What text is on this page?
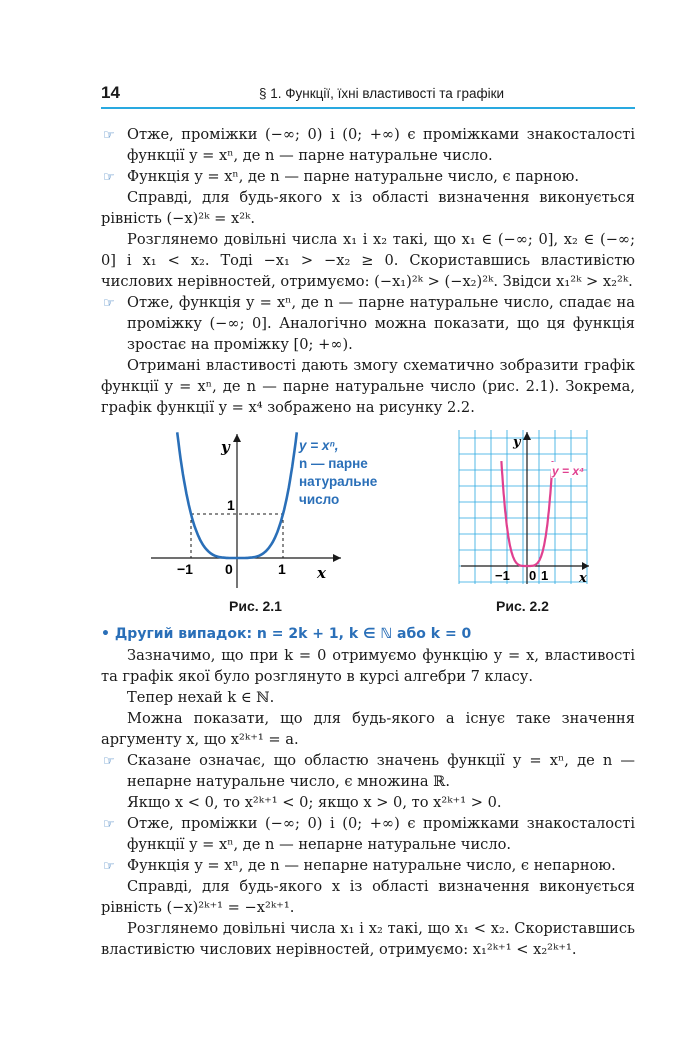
14	§ 1. Функції, їхні властивості та графіки

☞ Отже, проміжки (−∞; 0) і (0; +∞) є проміжками знакосталості функції y = xⁿ, де n — парне натуральне число.

☞ Функція y = xⁿ, де n — парне натуральне число, є парною.

Справді, для будь-якого x із області визначення виконується рівність (−x)²ᵏ = x²ᵏ.

Розглянемо довільні числа x₁ і x₂ такі, що x₁ ∈ (−∞; 0], x₂ ∈ (−∞; 0] і x₁ < x₂. Тоді −x₁ > −x₂ ≥ 0. Скориставшись властивістю числових нерівностей, отримуємо: (−x₁)²ᵏ > (−x₂)²ᵏ. Звідси x₁²ᵏ > x₂²ᵏ.

☞ Отже, функція y = xⁿ, де n — парне натуральне число, спадає на проміжку (−∞; 0]. Аналогічно можна показати, що ця функція зростає на проміжку [0; +∞).

Отримані властивості дають змогу схематично зобразити графік функції y = xⁿ, де n — парне натуральне число (рис. 2.1). Зокрема, графік функції y = x⁴ зображено на рисунку 2.2.

y
x
−1 0	1
1
y = xⁿ,
n — парне
натуральне
число
y
x
−1 0 1
y = x⁴
Рис. 2.1	Рис. 2.2

• Другий випадок: n = 2k + 1, k ∈ ℕ або k = 0

Зазначимо, що при k = 0 отримуємо функцію y = x, властивості та графік якої було розглянуто в курсі алгебри 7 класу.

Тепер нехай k ∈ ℕ.

Можна показати, що для будь-якого a існує таке значення аргументу x, що x²ᵏ⁺¹ = a.

☞ Сказане означає, що областю значень функції y = xⁿ, де n — непарне натуральне число, є множина ℝ.

Якщо x < 0, то x²ᵏ⁺¹ < 0; якщо x > 0, то x²ᵏ⁺¹ > 0.

☞ Отже, проміжки (−∞; 0) і (0; +∞) є проміжками знакосталості функції y = xⁿ, де n — непарне натуральне число.

☞ Функція y = xⁿ, де n — непарне натуральне число, є непарною.

Справді, для будь-якого x із області визначення виконується рівність (−x)²ᵏ⁺¹ = −x²ᵏ⁺¹.

Розглянемо довільні числа x₁ і x₂ такі, що x₁ < x₂. Скориставшись властивістю числових нерівностей, отримуємо: x₁²ᵏ⁺¹ < x₂²ᵏ⁺¹.
